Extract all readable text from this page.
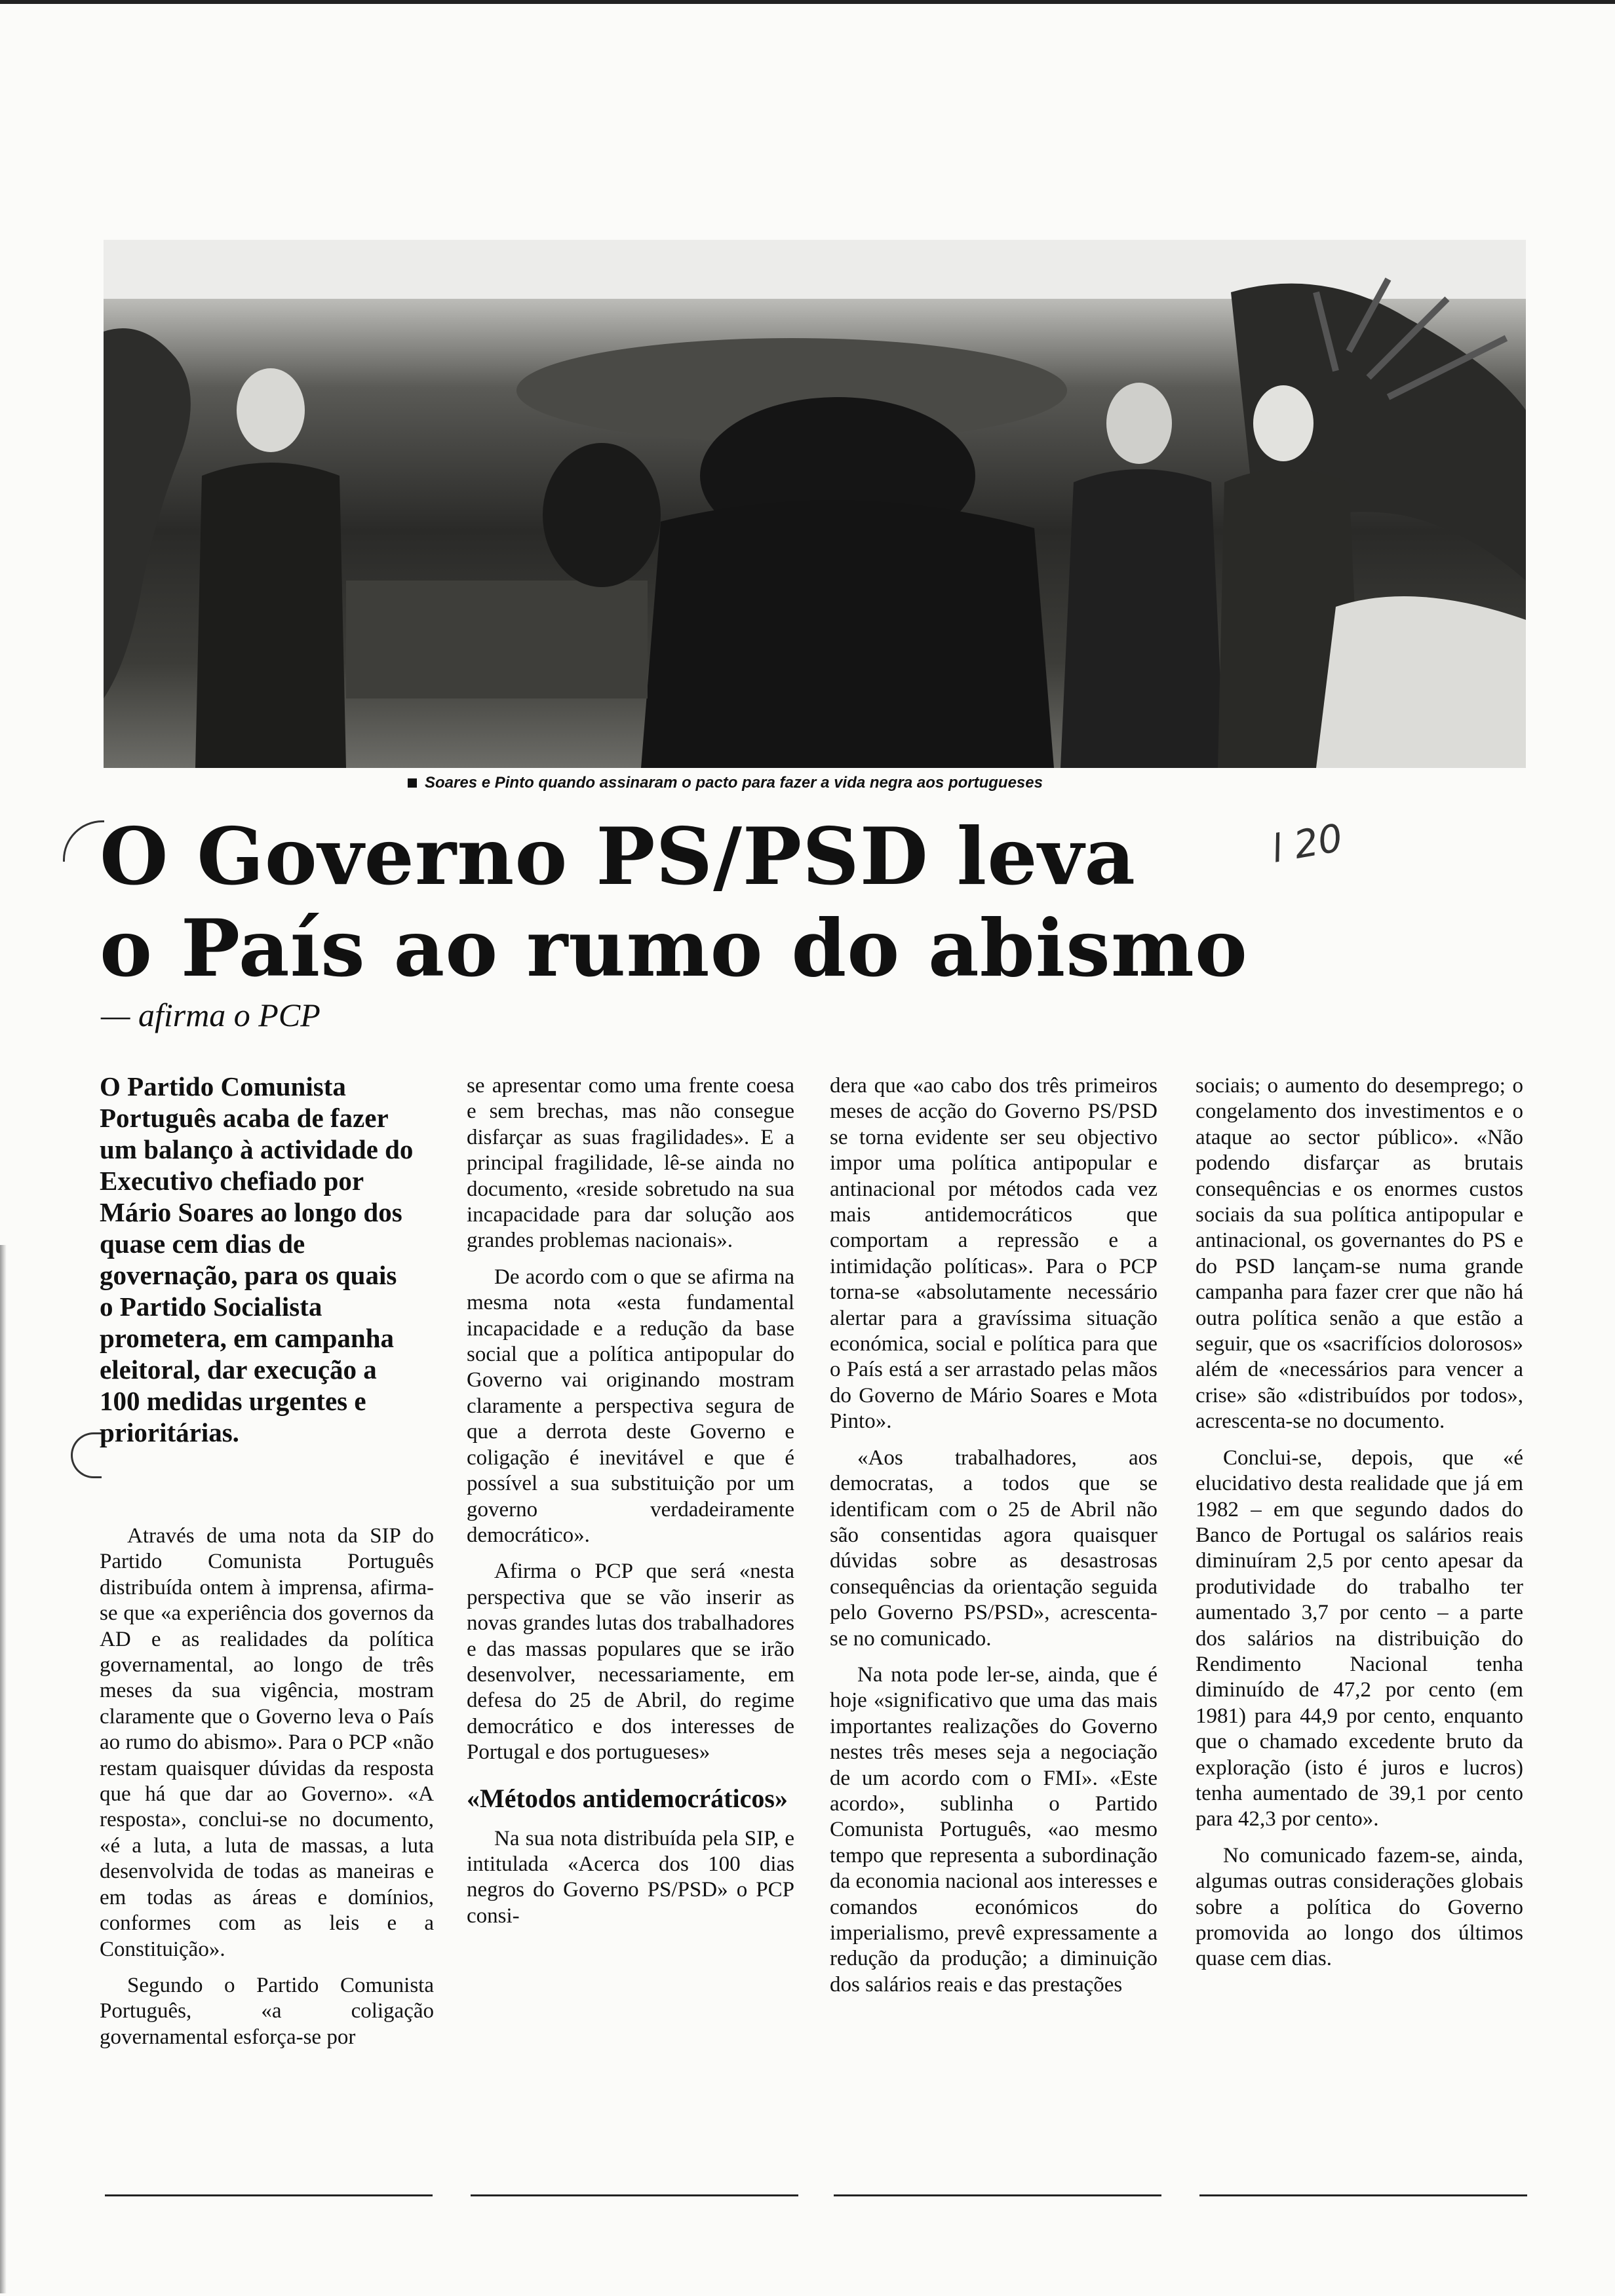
Soares e Pinto quando assinaram o pacto para fazer a vida negra aos portugueses
O Governo PS/PSD leva
o País ao rumo do abismo
l 20
— afirma o PCP

O Partido Comunista Português acaba de fazer um balanço à actividade do Executivo chefiado por Mário Soares ao longo dos quase cem dias de governação, para os quais o Partido Socialista prometera, em campanha eleitoral, dar execução a 100 medidas urgentes e prioritárias.

Através de uma nota da SIP do Partido Comunista Português distribuída ontem à imprensa, afirma-se que «a experiência dos governos da AD e as realidades da política governamental, ao longo de três meses da sua vigência, mostram claramente que o Governo leva o País ao rumo do abismo». Para o PCP «não restam quaisquer dúvidas da resposta que há que dar ao Governo». «A resposta», conclui-se no documento, «é a luta, a luta de massas, a luta desenvolvida de todas as maneiras e em todas as áreas e domínios, conformes com as leis e a Constituição».

Segundo o Partido Comunista Português, «a coligação governamental esforça-se por

se apresentar como uma frente coesa e sem brechas, mas não consegue disfarçar as suas fragilidades». E a principal fragilidade, lê-se ainda no documento, «reside sobretudo na sua incapacidade para dar solução aos grandes problemas nacionais».

De acordo com o que se afirma na mesma nota «esta fundamental incapacidade e a redução da base social que a política antipopular do Governo vai originando mostram claramente a perspectiva segura de que a derrota deste Governo e coligação é inevitável e que é possível a sua substituição por um governo verdadeiramente democrático».

Afirma o PCP que será «nesta perspectiva que se vão inserir as novas grandes lutas dos trabalhadores e das massas populares que se irão desenvolver, necessariamente, em defesa do 25 de Abril, do regime democrático e dos interesses de Portugal e dos portugueses»

«Métodos antidemocráticos»

Na sua nota distribuída pela SIP, e intitulada «Acerca dos 100 dias negros do Governo PS/PSD» o PCP consi-

dera que «ao cabo dos três primeiros meses de acção do Governo PS/PSD se torna evidente ser seu objectivo impor uma política antipopular e antinacional por métodos cada vez mais antidemocráticos que comportam a repressão e a intimidação políticas». Para o PCP torna-se «absolutamente necessário alertar para a gravíssima situação económica, social e política para que o País está a ser arrastado pelas mãos do Governo de Mário Soares e Mota Pinto».

«Aos trabalhadores, aos democratas, a todos que se identificam com o 25 de Abril não são consentidas agora quaisquer dúvidas sobre as desastrosas consequências da orientação seguida pelo Governo PS/PSD», acrescenta-se no comunicado.

Na nota pode ler-se, ainda, que é hoje «significativo que uma das mais importantes realizações do Governo nestes três meses seja a negociação de um acordo com o FMI». «Este acordo», sublinha o Partido Comunista Português, «ao mesmo tempo que representa a subordinação da economia nacional aos interesses e comandos económicos do imperialismo, prevê expressamente a redução da produção; a diminuição dos salários reais e das prestações

sociais; o aumento do desemprego; o congelamento dos investimentos e o ataque ao sector público». «Não podendo disfarçar as brutais consequências e os enormes custos sociais da sua política antipopular e antinacional, os governantes do PS e do PSD lançam-se numa grande campanha para fazer crer que não há outra política senão a que estão a seguir, que os «sacrifícios dolorosos» além de «necessários para vencer a crise» são «distribuídos por todos», acrescenta-se no documento.

Conclui-se, depois, que «é elucidativo desta realidade que já em 1982 – em que segundo dados do Banco de Portugal os salários reais diminuíram 2,5 por cento apesar da produtividade do trabalho ter aumentado 3,7 por cento – a parte dos salários na distribuição do Rendimento Nacional tenha diminuído de 47,2 por cento (em 1981) para 44,9 por cento, enquanto que o chamado excedente bruto da exploração (isto é juros e lucros) tenha aumentado de 39,1 por cento para 42,3 por cento».

No comunicado fazem-se, ainda, algumas outras considerações globais sobre a política do Governo promovida ao longo dos últimos quase cem dias.
